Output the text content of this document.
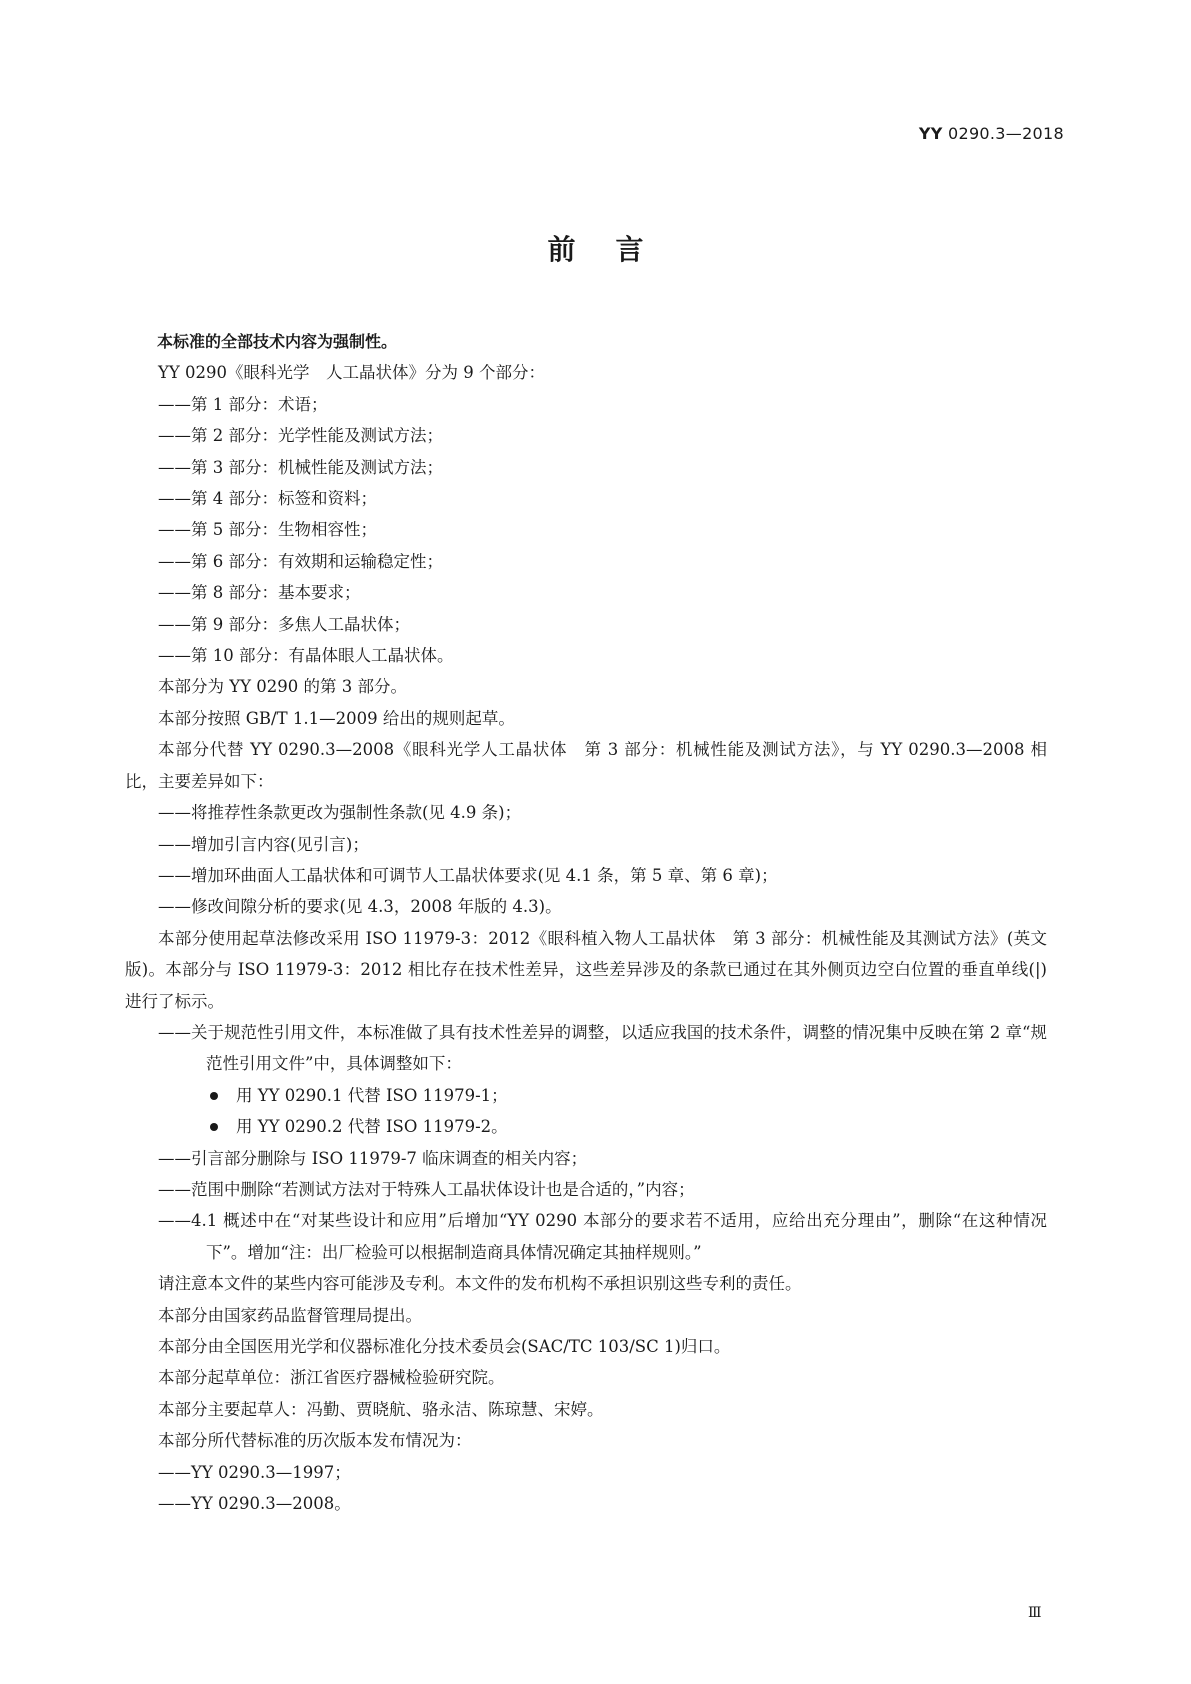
YY 0290.3—2018
前言

本标准的全部技术内容为强制性。

YY 0290《眼科光学　人工晶状体》分为 9 个部分：

——第 1 部分：术语；

——第 2 部分：光学性能及测试方法；

——第 3 部分：机械性能及测试方法；

——第 4 部分：标签和资料；

——第 5 部分：生物相容性；

——第 6 部分：有效期和运输稳定性；

——第 8 部分：基本要求；

——第 9 部分：多焦人工晶状体；

——第 10 部分：有晶体眼人工晶状体。

本部分为 YY 0290 的第 3 部分。

本部分按照 GB/T 1.1—2009 给出的规则起草。

本部分代替 YY 0290.3—2008《眼科光学人工晶状体　第 3 部分：机械性能及测试方法》，与 YY 0290.3—2008 相比，主要差异如下：

——将推荐性条款更改为强制性条款(见 4.9 条)；

——增加引言内容(见引言)；

——增加环曲面人工晶状体和可调节人工晶状体要求(见 4.1 条，第 5 章、第 6 章)；

——修改间隙分析的要求(见 4.3，2008 年版的 4.3)。

本部分使用起草法修改采用 ISO 11979-3：2012《眼科植入物人工晶状体　第 3 部分：机械性能及其测试方法》(英文版)。本部分与 ISO 11979-3：2012 相比存在技术性差异，这些差异涉及的条款已通过在其外侧页边空白位置的垂直单线(|)进行了标示。

——关于规范性引用文件，本标准做了具有技术性差异的调整，以适应我国的技术条件，调整的情况集中反映在第 2 章“规范性引用文件”中，具体调整如下：

用 YY 0290.1 代替 ISO 11979-1；

用 YY 0290.2 代替 ISO 11979-2。

——引言部分删除与 ISO 11979-7 临床调查的相关内容；

——范围中删除“若测试方法对于特殊人工晶状体设计也是合适的，”内容；

——4.1 概述中在“对某些设计和应用”后增加“YY 0290 本部分的要求若不适用，应给出充分理由”，删除“在这种情况下”。增加“注：出厂检验可以根据制造商具体情况确定其抽样规则。”

请注意本文件的某些内容可能涉及专利。本文件的发布机构不承担识别这些专利的责任。

本部分由国家药品监督管理局提出。

本部分由全国医用光学和仪器标准化分技术委员会(SAC/TC 103/SC 1)归口。

本部分起草单位：浙江省医疗器械检验研究院。

本部分主要起草人：冯勤、贾晓航、骆永洁、陈琼慧、宋婷。

本部分所代替标准的历次版本发布情况为：

——YY 0290.3—1997；

——YY 0290.3—2008。

Ⅲ
